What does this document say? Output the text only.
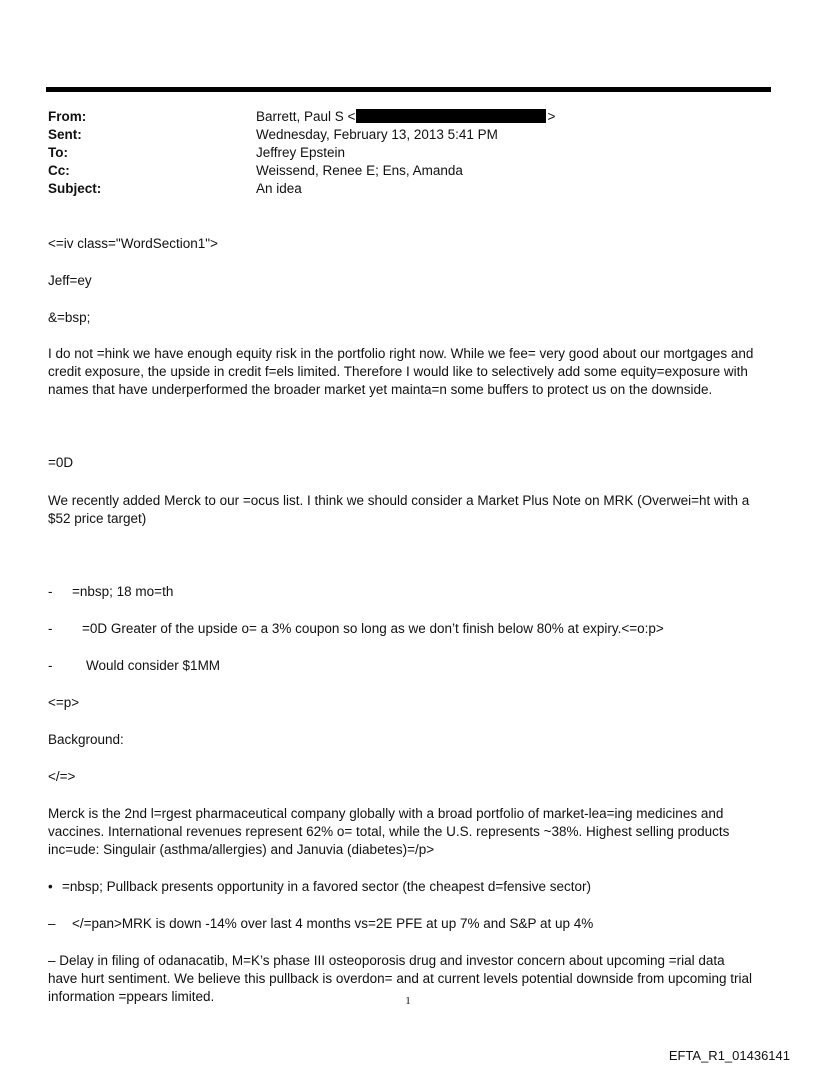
From:	Barrett, Paul S <	>
Sent:	Wednesday, February 13, 2013 5:41 PM
To:	Jeffrey Epstein
Cc:	Weissend, Renee E; Ens, Amanda
Subject:	An idea

<=iv class="WordSection1">

Jeff=ey

&=bsp;

I do not =hink we have enough equity risk in the portfolio right now. While we fee= very good about our mortgages and

credit exposure, the upside in credit f=els limited. Therefore I would like to selectively add some equity=exposure with

names that have underperformed the broader market yet mainta=n some buffers to protect us on the downside.

=0D

We recently added Merck to our =ocus list. I think we should consider a Market Plus Note on MRK (Overwei=ht with a

$52 price target)

- =nbsp; 18 mo=th

- =0D Greater of the upside o= a 3% coupon so long as we don’t finish below 80% at expiry.<=o:p>

- Would consider $1MM

<=p>

Background:

</=>

Merck is the 2nd l=rgest pharmaceutical company globally with a broad portfolio of market-lea=ing medicines and

vaccines. International revenues represent 62% o= total, while the U.S. represents ~38%. Highest selling products

inc=ude: Singulair (asthma/allergies) and Januvia (diabetes)=/p>

• =nbsp; Pullback presents opportunity in a favored sector (the cheapest d=fensive sector)

– </=pan>MRK is down -14% over last 4 months vs=2E PFE at up 7% and S&P at up 4%

– Delay in filing of odanacatib, M=K’s phase III osteoporosis drug and investor concern about upcoming =rial data

have hurt sentiment. We believe this pullback is overdon= and at current levels potential downside from upcoming trial

information =ppears limited.	1
EFTA_R1_01436141
